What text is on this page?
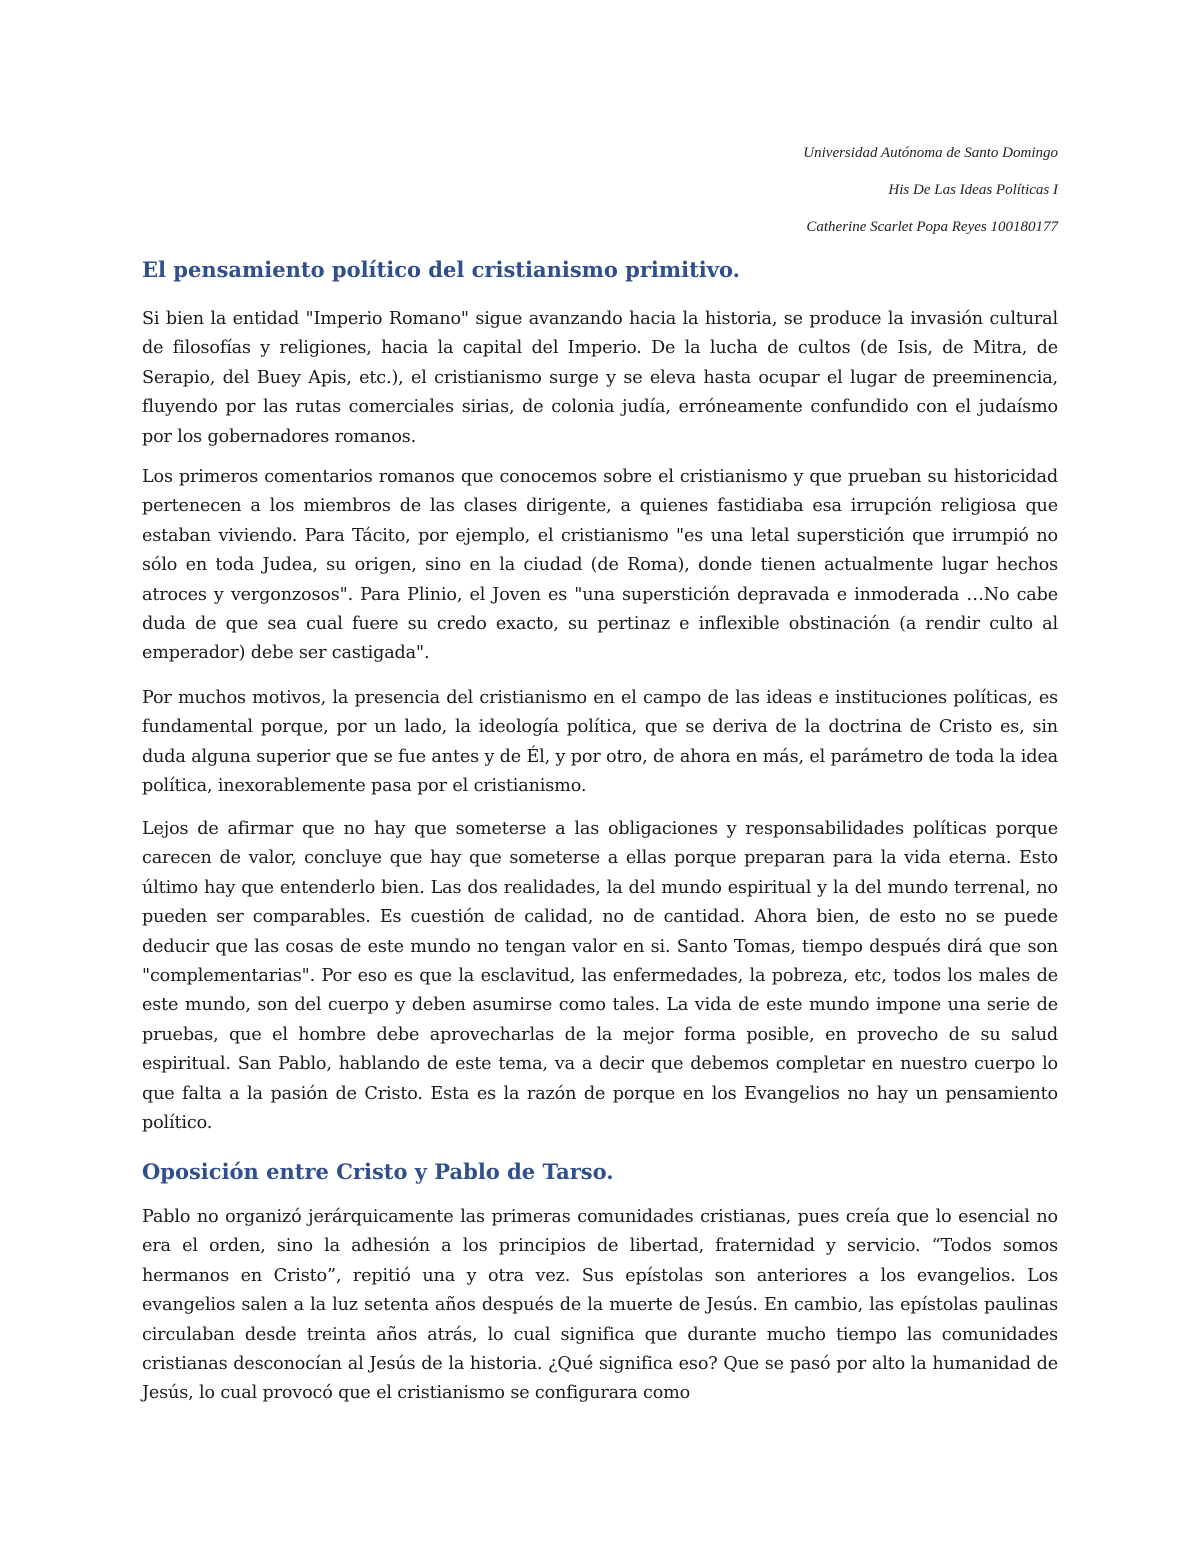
Universidad Autónoma de Santo Domingo
His De Las Ideas Políticas I
Catherine Scarlet Popa Reyes 100180177
El pensamiento político del cristianismo primitivo.

Si bien la entidad "Imperio Romano" sigue avanzando hacia la historia, se produce la invasión cultural de filosofías y religiones, hacia la capital del Imperio. De la lucha de cultos (de Isis, de Mitra, de Serapio, del Buey Apis, etc.), el cristianismo surge y se eleva hasta ocupar el lugar de preeminencia, fluyendo por las rutas comerciales sirias, de colonia judía, erróneamente confundido con el judaísmo por los gobernadores romanos.

Los primeros comentarios romanos que conocemos sobre el cristianismo y que prueban su historicidad pertenecen a los miembros de las clases dirigente, a quienes fastidiaba esa irrupción religiosa que estaban viviendo. Para Tácito, por ejemplo, el cristianismo "es una letal superstición que irrumpió no sólo en toda Judea, su origen, sino en la ciudad (de Roma), donde tienen actualmente lugar hechos atroces y vergonzosos". Para Plinio, el Joven es "una superstición depravada e inmoderada …No cabe duda de que sea cual fuere su credo exacto, su pertinaz e inflexible obstinación (a rendir culto al emperador) debe ser castigada".

Por muchos motivos, la presencia del cristianismo en el campo de las ideas e instituciones políticas, es fundamental porque, por un lado, la ideología política, que se deriva de la doctrina de Cristo es, sin duda alguna superior que se fue antes y de Él, y por otro, de ahora en más, el parámetro de toda la idea política, inexorablemente pasa por el cristianismo.

Lejos de afirmar que no hay que someterse a las obligaciones y responsabilidades políticas porque carecen de valor, concluye que hay que someterse a ellas porque preparan para la vida eterna. Esto último hay que entenderlo bien. Las dos realidades, la del mundo espiritual y la del mundo terrenal, no pueden ser comparables. Es cuestión de calidad, no de cantidad. Ahora bien, de esto no se puede deducir que las cosas de este mundo no tengan valor en si. Santo Tomas, tiempo después dirá que son "complementarias". Por eso es que la esclavitud, las enfermedades, la pobreza, etc, todos los males de este mundo, son del cuerpo y deben asumirse como tales. La vida de este mundo impone una serie de pruebas, que el hombre debe aprovecharlas de la mejor forma posible, en provecho de su salud espiritual. San Pablo, hablando de este tema, va a decir que debemos completar en nuestro cuerpo lo que falta a la pasión de Cristo. Esta es la razón de porque en los Evangelios no hay un pensamiento político.

Oposición entre Cristo y Pablo de Tarso.

Pablo no organizó jerárquicamente las primeras comunidades cristianas, pues creía que lo esencial no era el orden, sino la adhesión a los principios de libertad, fraternidad y servicio. “Todos somos hermanos en Cristo”, repitió una y otra vez. Sus epístolas son anteriores a los evangelios. Los evangelios salen a la luz setenta años después de la muerte de Jesús. En cambio, las epístolas paulinas circulaban desde treinta años atrás, lo cual significa que durante mucho tiempo las comunidades cristianas desconocían al Jesús de la historia. ¿Qué significa eso? Que se pasó por alto la humanidad de Jesús, lo cual provocó que el cristianismo se configurara como
